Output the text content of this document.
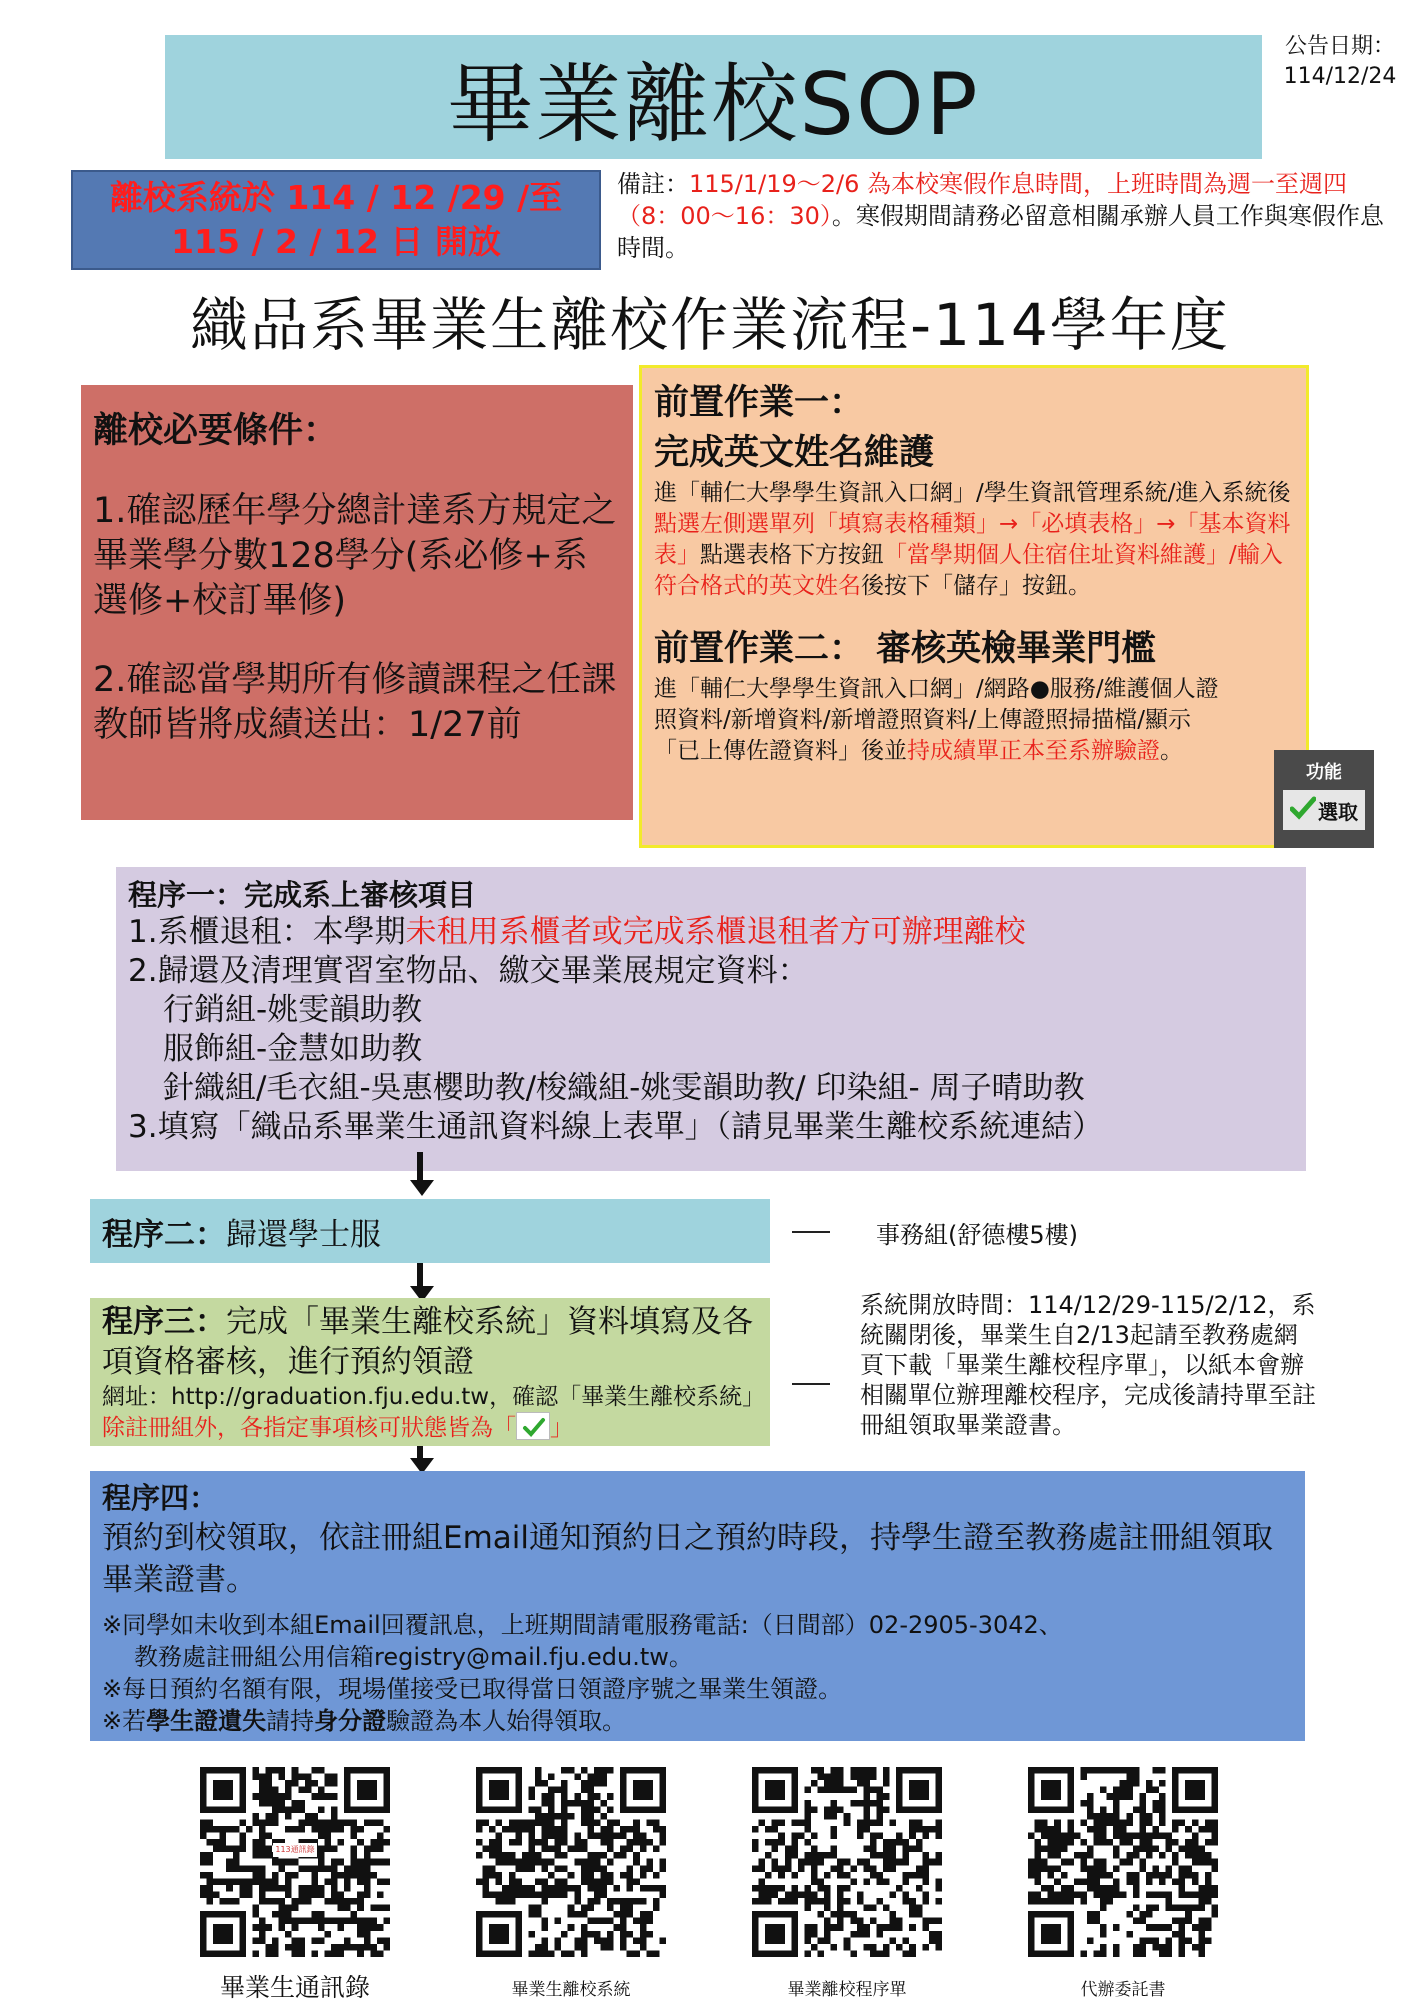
畢業離校SOP
公告日期：
114/12/24
離校系統於 114 / 12 /29 /至 115 / 2 / 12 日 開放
備註：115/1/19～2/6 為本校寒假作息時間，上班時間為週一至週四（8：00～16：30）。寒假期間請務必留意相關承辦人員工作與寒假作息時間。
織品系畢業生離校作業流程-114學年度
離校必要條件：
1.確認歷年學分總計達系方規定之畢業學分數128學分(系必修+系選修+校訂畢修)
2.確認當學期所有修讀課程之任課教師皆將成績送出：1/27前
前置作業一：
完成英文姓名維護
進「輔仁大學學生資訊入口網」/學生資訊管理系統/進入系統後點選左側選單列「填寫表格種類」→「必填表格」→「基本資料表」點選表格下方按鈕「當學期個人住宿住址資料維護」/輸入符合格式的英文姓名後按下「儲存」按鈕。
前置作業二： 審核英檢畢業門檻
進「輔仁大學學生資訊入口網」/網路●服務/維護個人證照資料/新增資料/新增證照資料/上傳證照掃描檔/顯示「已上傳佐證資料」後並持成績單正本至系辦驗證。
功能
選取
程序一：完成系上審核項目
1.系櫃退租：本學期未租用系櫃者或完成系櫃退租者方可辦理離校
2.歸還及清理實習室物品、繳交畢業展規定資料：
行銷組-姚雯韻助教
服飾組-金慧如助教
針織組/毛衣組-吳惠櫻助教/梭織組-姚雯韻助教/ 印染組- 周子晴助教
3.填寫「織品系畢業生通訊資料線上表單」（請見畢業生離校系統連結）
程序二： 歸還學士服	事務組(舒德樓5樓)
程序三：完成「畢業生離校系統」資料填寫及各項資格審核，進行預約領證
網址：http://graduation.fju.edu.tw，確認「畢業生離校系統」除註冊組外，各指定事項核可狀態皆為「 」
系統開放時間：114/12/29-115/2/12，系統關閉後，畢業生自2/13起請至教務處網頁下載「畢業生離校程序單」，以紙本會辦相關單位辦理離校程序，完成後請持單至註冊組領取畢業證書。
程序四：
預約到校領取，依註冊組Email通知預約日之預約時段，持學生證至教務處註冊組領取畢業證書。
※同學如未收到本組Email回覆訊息，上班期間請電服務電話:（日間部）02-2905-3042、
教務處註冊組公用信箱registry@mail.fju.edu.tw。
※每日預約名額有限，現場僅接受已取得當日領證序號之畢業生領證。
※若學生證遺失請持身分證驗證為本人始得領取。
113通訊錄
畢業生通訊錄	畢業生離校系統	畢業離校程序單	代辦委託書
